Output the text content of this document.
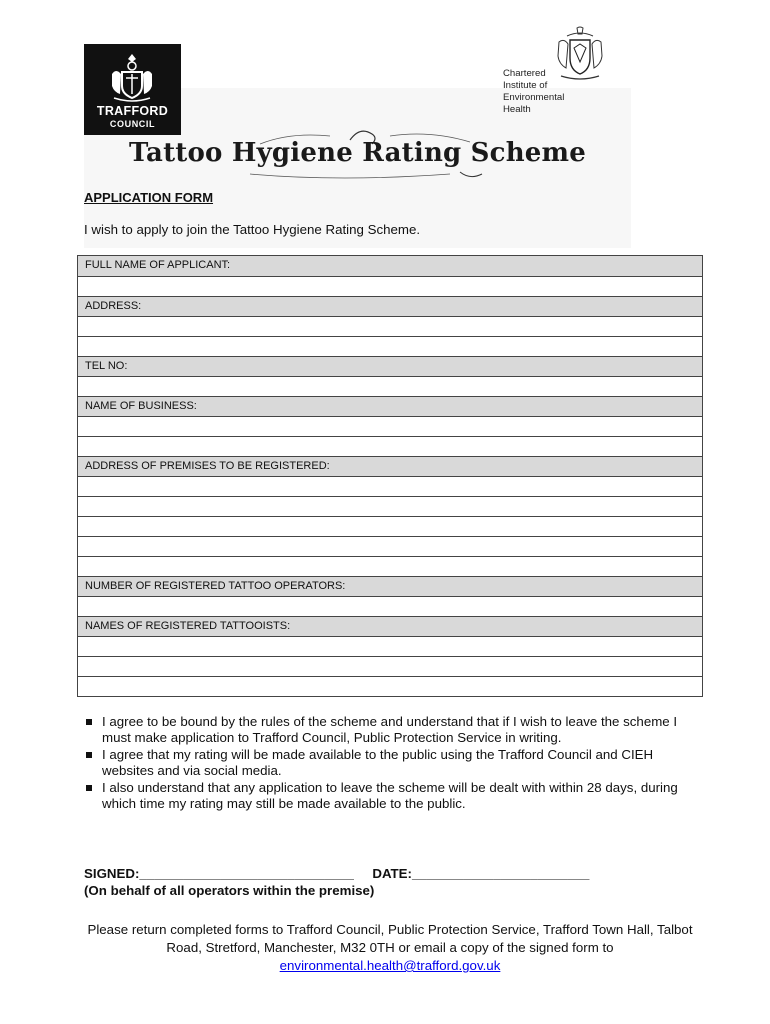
TRAFFORD
COUNCIL
Chartered
Institute of
Environmental
Health
Tattoo Hygiene Rating Scheme
APPLICATION FORM
I wish to apply to join the Tattoo Hygiene Rating Scheme.
FULL NAME OF APPLICANT:
ADDRESS:
TEL NO:
NAME OF BUSINESS:
ADDRESS OF PREMISES TO BE REGISTERED:
NUMBER OF REGISTERED TATTOO OPERATORS:
NAMES OF REGISTERED TATTOOISTS:
I agree to be bound by the rules of the scheme and understand that if I wish to leave the scheme I must make application to Trafford Council, Public Protection Service in writing.
I agree that my rating will be made available to the public using the Trafford Council and CIEH websites and via social media.
I also understand that any application to leave the scheme will be dealt with within 28 days, during which time my rating may still be made available to the public.
SIGNED:_____________________________     DATE:________________________
(On behalf of all operators within the premise)
Please return completed forms to Trafford Council, Public Protection Service, Trafford Town Hall, Talbot Road, Stretford, Manchester, M32 0TH or email a copy of the signed form to environmental.health@trafford.gov.uk
